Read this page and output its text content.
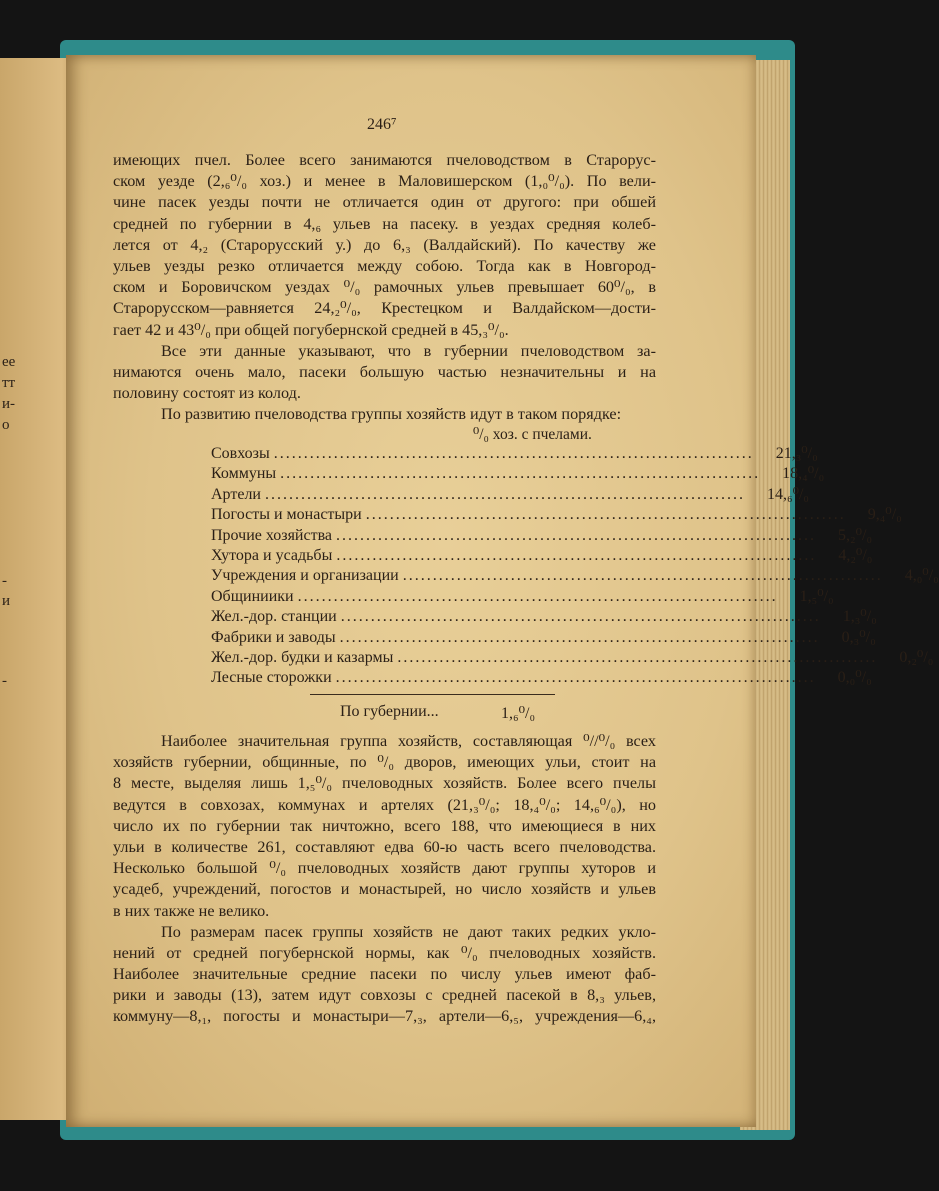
ee
тт
и-
о
-
и
-
246⁷
имеющих пчел. Более всего занимаются пчеловодством в Старорус-
ском уезде (2,₆⁰/₀ хоз.) и менее в Маловишерском (1,₀⁰/₀). По вели-
чине пасек уезды почти не отличается один от другого: при обшей
средней по губернии в 4,₆ ульев на пасеку. в уездах средняя колеб-
лется от 4,₂ (Старорусский у.) до 6,₃ (Валдайский). По качеству же
ульев уезды резко отличается между собою. Тогда как в Новгород-
ском и Боровичском уездах ⁰/₀ рамочных ульев превышает 60⁰/₀, в
Старорусском—равняется 24,₂⁰/₀, Крестецком и Валдайском—дости-
гает 42 и 43⁰/₀ при общей погубернской средней в 45,₃⁰/₀.
Все эти данные указывают, что в губернии пчеловодством за-
нимаются очень мало, пасеки большую частью незначительны и на
половину состоят из колод.
По развитию пчеловодства группы хозяйств идут в таком порядке:
⁰/₀ хоз. с пчелами.
Совхозы ................................................................................	21,₃⁰/₀
Коммуны ................................................................................	18,₄⁰/₀
Артели ................................................................................	14,₆⁰/₀
Погосты и монастыри ................................................................................	9,₄⁰/₀
Прочие хозяйства ................................................................................	5,₂⁰/₀
Хутора и усадьбы ................................................................................	4,₂⁰/₀
Учреждения и организации ................................................................................	4,₀⁰/₀
Общиниики ................................................................................	1,₅⁰/₀
Жел.-дор. станции ................................................................................	1,₃⁰/₀
Фабрики и заводы ................................................................................	0,₃⁰/₀
Жел.-дор. будки и казармы ................................................................................	0,₂⁰/₀
Лесные сторожки ................................................................................	0,₀⁰/₀
По губернии...	1,₆⁰/₀
Наиболее значительная группа хозяйств, составляющая ⁰//⁰/₀ всех
хозяйств губернии, общинные, по ⁰/₀ дворов, имеющих ульи, стоит на
8 месте, выделяя лишь 1,₅⁰/₀ пчеловодных хозяйств. Более всего пчелы
ведутся в совхозах, коммунах и артелях (21,₃⁰/₀; 18,₄⁰/₀; 14,₆⁰/₀), но
число их по губернии так ничтожно, всего 188, что имеющиеся в них
ульи в количестве 261, составляют едва 60-ю часть всего пчеловодства.
Несколько большой ⁰/₀ пчеловодных хозяйств дают группы хуторов и
усадеб, учреждений, погостов и монастырей, но число хозяйств и ульев
в них также не велико.
По размерам пасек группы хозяйств не дают таких редких укло-
нений от средней погубернской нормы, как ⁰/₀ пчеловодных хозяйств.
Наиболее значительные средние пасеки по числу ульев имеют фаб-
рики и заводы (13), затем идут совхозы с средней пасекой в 8,₃ ульев,
коммуну—8,₁, погосты и монастыри—7,₃, артели—6,₅, учреждения—6,₄,
